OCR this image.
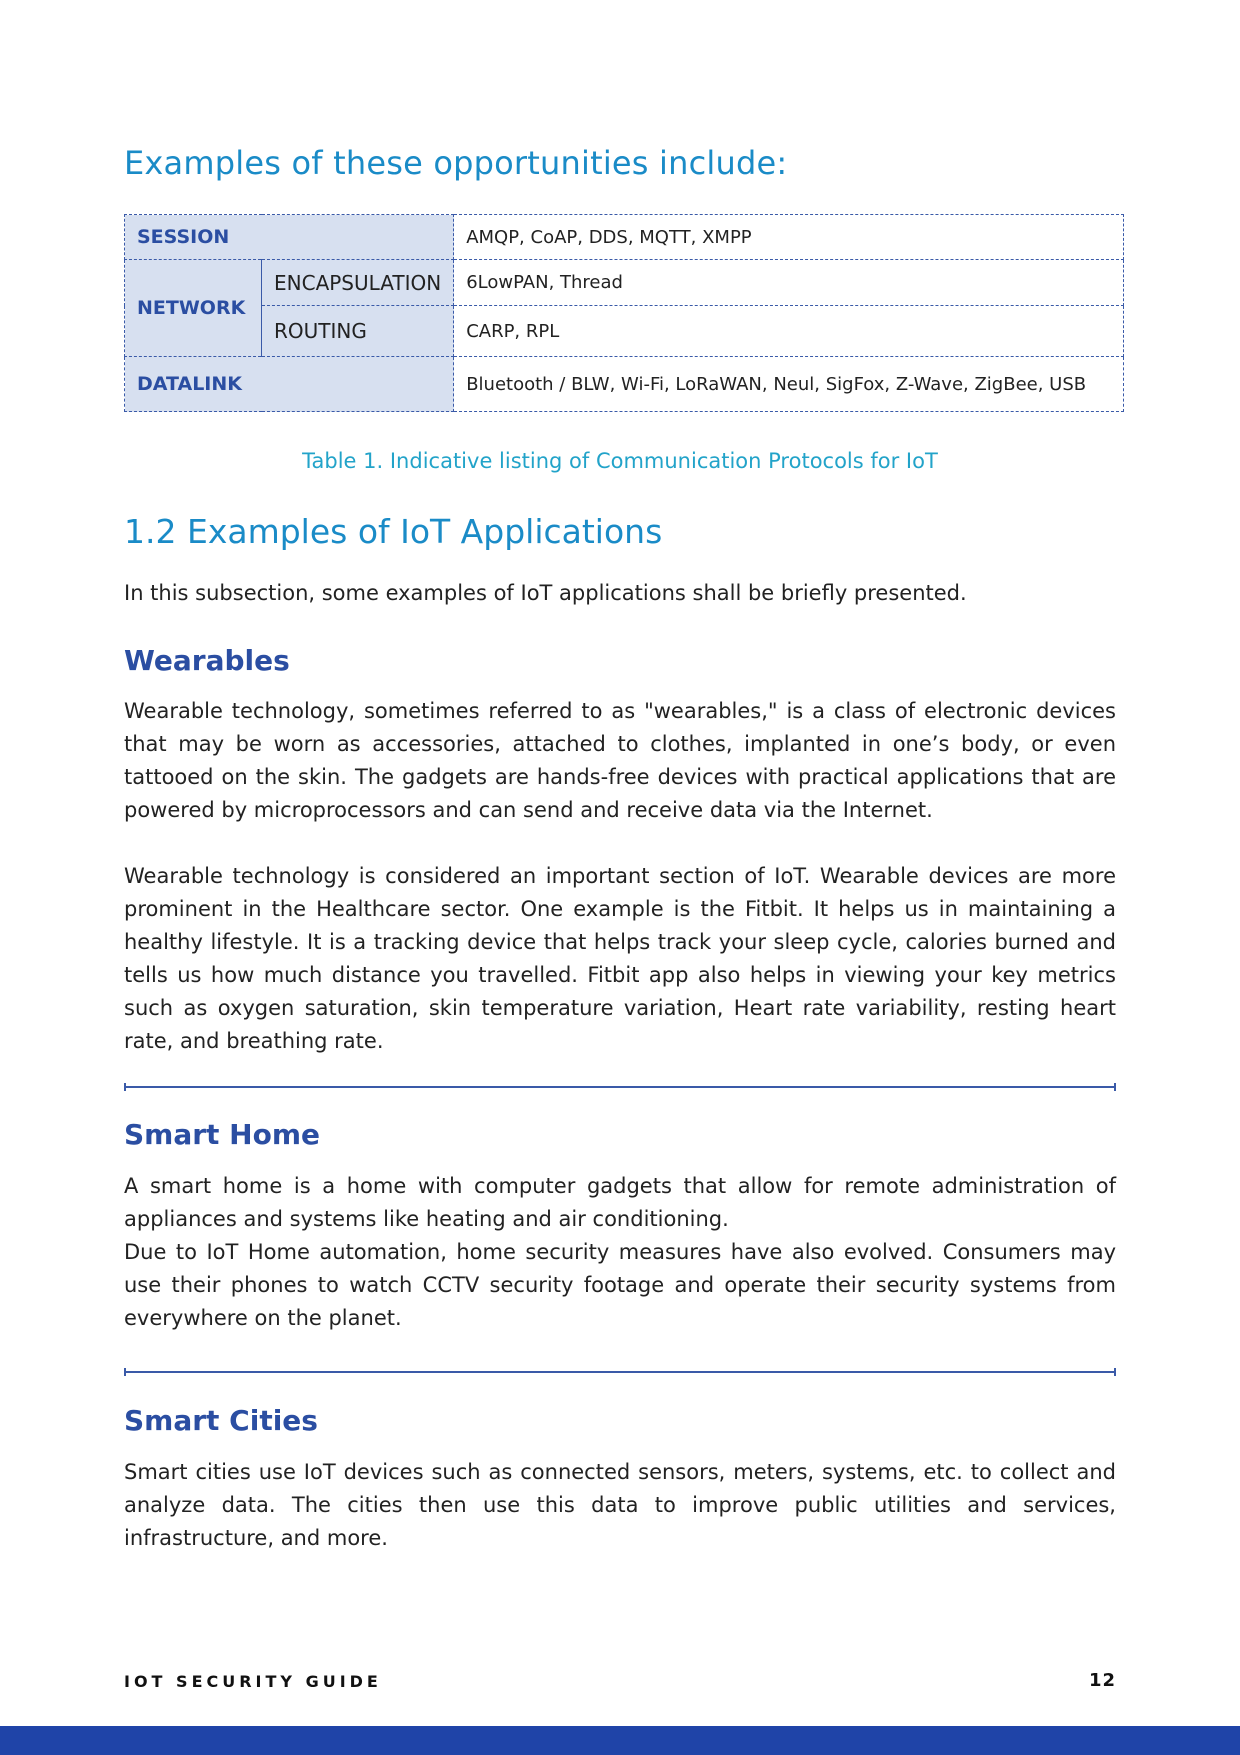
Examples of these opportunities include:
SESSION		AMQP, CoAP, DDS, MQTT, XMPP
NETWORK	ENCAPSULATION	6LowPAN, Thread
	ROUTING	CARP, RPL
DATALINK		Bluetooth / BLW, Wi-Fi, LoRaWAN, Neul, SigFox, Z-Wave, ZigBee, USB

Table 1. Indicative listing of Communication Protocols for IoT

1.2 Examples of IoT Applications

In this subsection, some examples of IoT applications shall be briefly presented.

Wearables

Wearable technology, sometimes referred to as "wearables," is a class of electronic devices that may be worn as accessories, attached to clothes, implanted in one’s body, or even tattooed on the skin. The gadgets are hands-free devices with practical applications that are powered by microprocessors and can send and receive data via the Internet.

Wearable technology is considered an important section of IoT. Wearable devices are more prominent in the Healthcare sector. One example is the Fitbit. It helps us in maintaining a healthy lifestyle. It is a tracking device that helps track your sleep cycle, calories burned and tells us how much distance you travelled. Fitbit app also helps in viewing your key metrics such as oxygen saturation, skin temperature variation, Heart rate variability, resting heart rate, and breathing rate.

Smart Home

A smart home is a home with computer gadgets that allow for remote administration of appliances and systems like heating and air conditioning.

Due to IoT Home automation, home security measures have also evolved. Consumers may use their phones to watch CCTV security footage and operate their security systems from everywhere on the planet.

Smart Cities

Smart cities use IoT devices such as connected sensors, meters, systems, etc. to collect and analyze data. The cities then use this data to improve public utilities and services, infrastructure, and more.

IOT SECURITY GUIDE	12
